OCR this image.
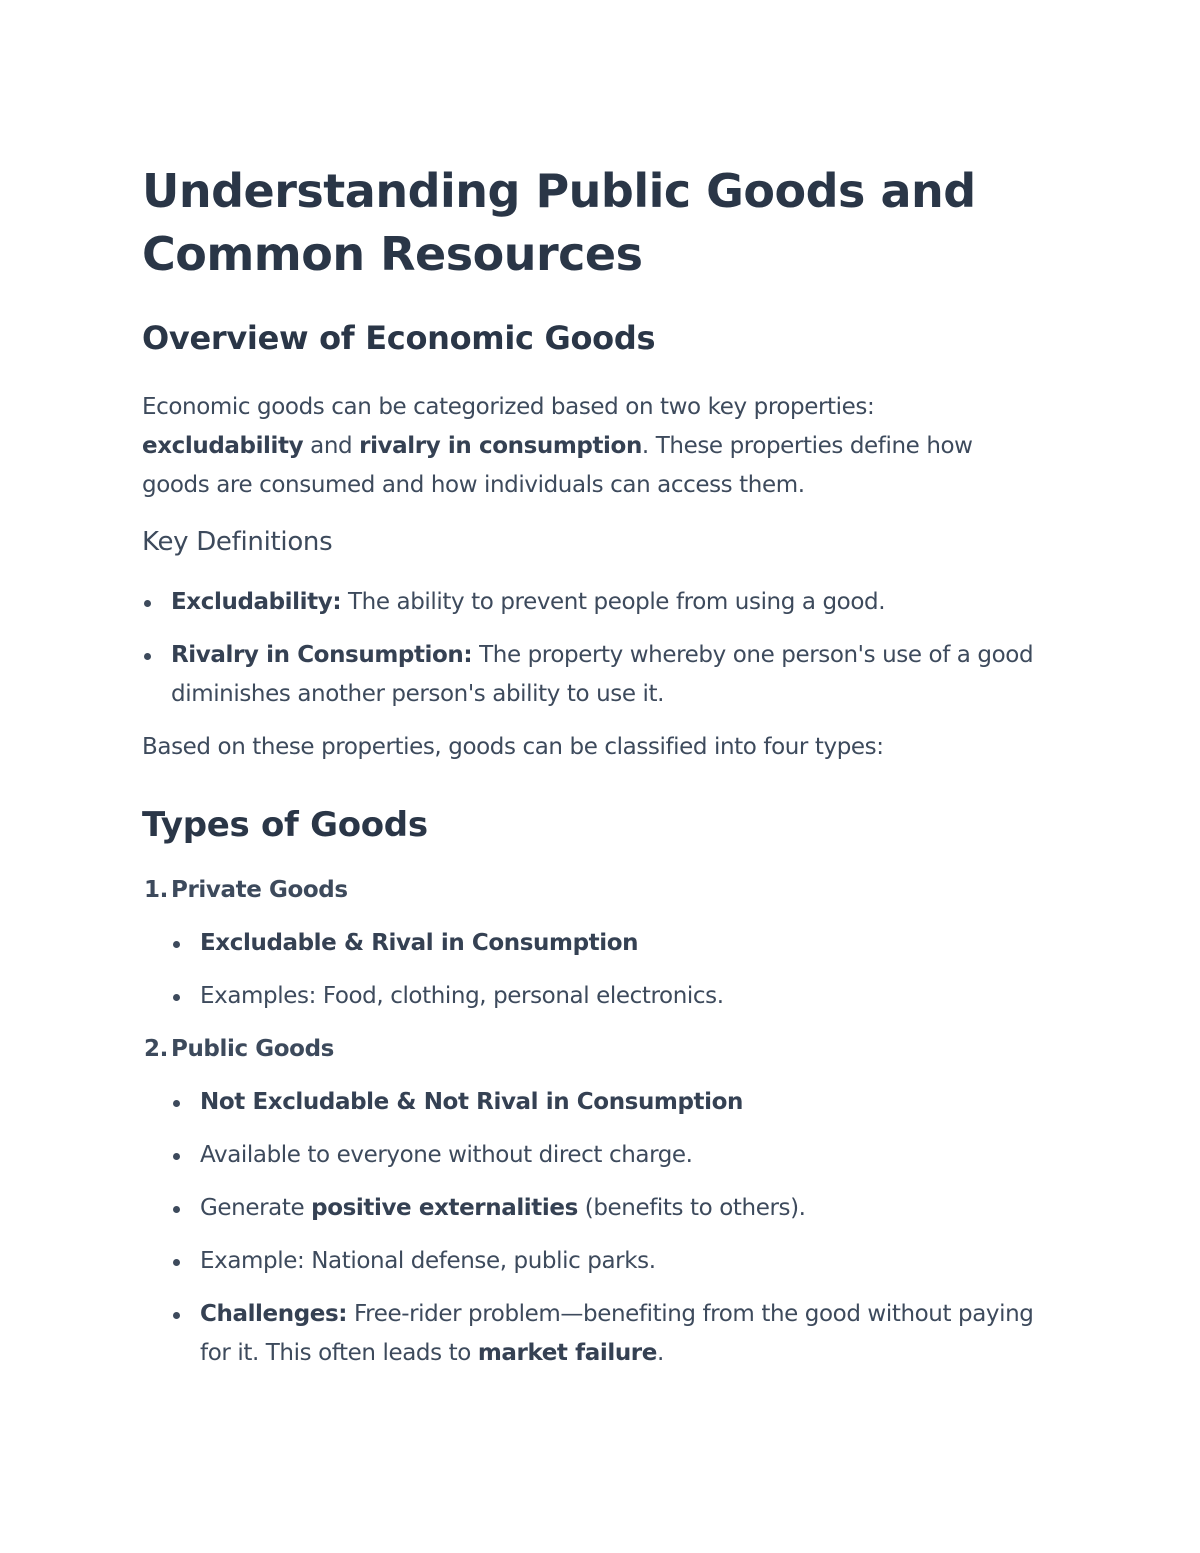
Understanding Public Goods and Common Resources
Overview of Economic Goods

Economic goods can be categorized based on two key properties: excludability and rivalry in consumption. These properties define how goods are consumed and how individuals can access them.

Key Definitions
Excludability: The ability to prevent people from using a good.
Rivalry in Consumption: The property whereby one person's use of a good diminishes another person's ability to use it.

Based on these properties, goods can be classified into four types:

Types of Goods
1. Private Goods
Excludable & Rival in Consumption
Examples: Food, clothing, personal electronics.
2. Public Goods
Not Excludable & Not Rival in Consumption
Available to everyone without direct charge.
Generate positive externalities (benefits to others).
Example: National defense, public parks.
Challenges: Free-rider problem—benefiting from the good without paying for it. This often leads to market failure.
